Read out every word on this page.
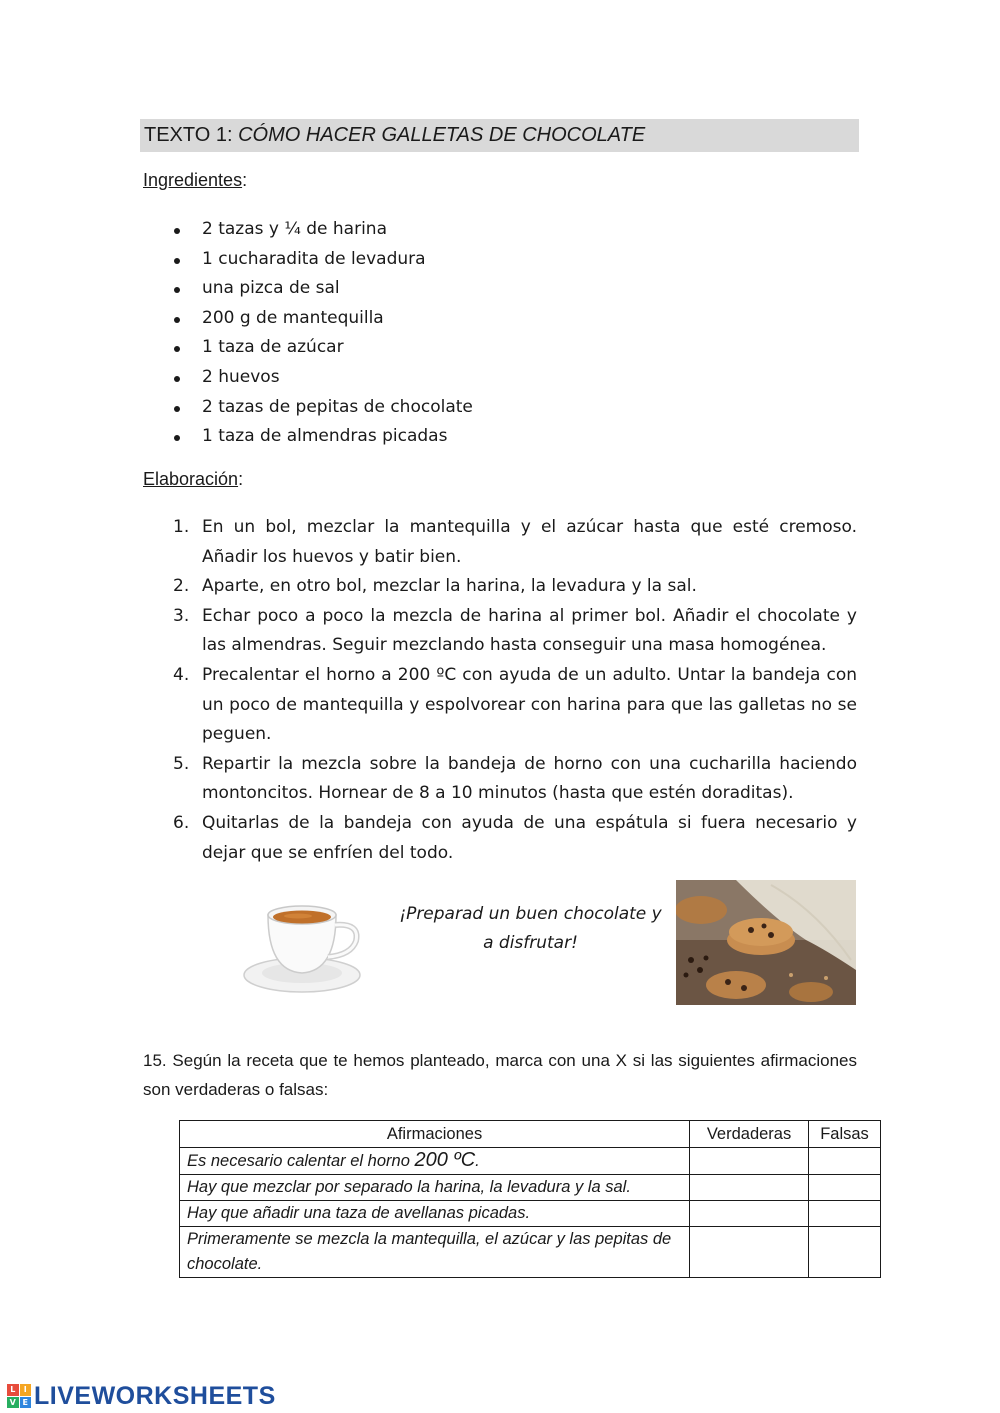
TEXTO 1: CÓMO HACER GALLETAS DE CHOCOLATE
Ingredientes:
2 tazas y ¼ de harina
1 cucharadita de levadura
una pizca de sal
200 g de mantequilla
1 taza de azúcar
2 huevos
2 tazas de pepitas de chocolate
1 taza de almendras picadas
Elaboración:
1. En un bol, mezclar la mantequilla y el azúcar hasta que esté cremoso. Añadir los huevos y batir bien.
2. Aparte, en otro bol, mezclar la harina, la levadura y la sal.
3. Echar poco a poco la mezcla de harina al primer bol. Añadir el chocolate y las almendras. Seguir mezclando hasta conseguir una masa homogénea.
4. Precalentar el horno a 200 ºC con ayuda de un adulto. Untar la bandeja con un poco de mantequilla y espolvorear con harina para que las galletas no se peguen.
5. Repartir la mezcla sobre la bandeja de horno con una cucharilla haciendo montoncitos. Hornear de 8 a 10 minutos (hasta que estén doraditas).
6. Quitarlas de la bandeja con ayuda de una espátula si fuera necesario y dejar que se enfríen del todo.
¡Preparad un buen chocolate y a disfrutar!

15. Según la receta que te hemos planteado, marca con una X si las siguientes afirmaciones son verdaderas o falsas:

Afirmaciones	Verdaderas	Falsas
Es necesario calentar el horno 200 ºC.		
Hay que mezclar por separado la harina, la levadura y la sal.		
Hay que añadir una taza de avellanas picadas.		
Primeramente se mezcla la mantequilla, el azúcar y las pepitas de chocolate.		
L	I
V E LIVEWORKSHEETS
